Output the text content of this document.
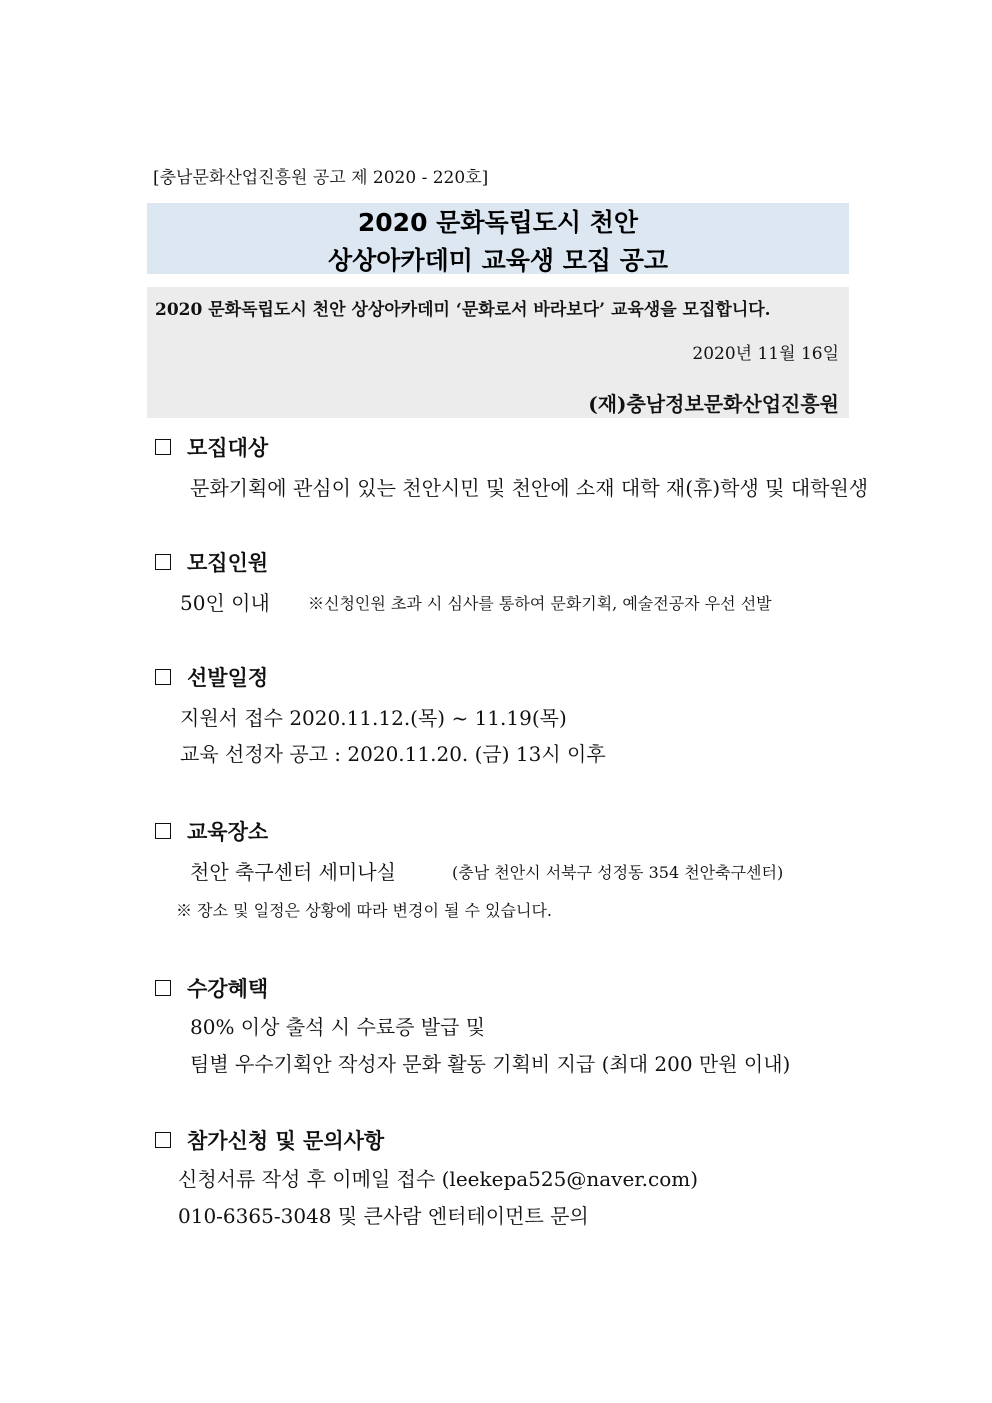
[충남문화산업진흥원 공고 제 2020 - 220호]
2020 문화독립도시 천안
상상아카데미 교육생 모집 공고
2020 문화독립도시 천안 상상아카데미 ‘문화로서 바라보다’ 교육생을 모집합니다.
2020년 11월 16일
(재)충남정보문화산업진흥원
모집대상
문화기획에 관심이 있는 천안시민 및 천안에 소재 대학 재(휴)학생 및 대학원생
모집인원
50인 이내 ※신청인원 초과 시 심사를 통하여 문화기획, 예술전공자 우선 선발
선발일정
지원서 접수 2020.11.12.(목) ~ 11.19(목)
교육 선정자 공고 : 2020.11.20. (금) 13시 이후
교육장소
천안 축구센터 세미나실	(충남 천안시 서북구 성정동 354 천안축구센터)
※ 장소 및 일정은 상황에 따라 변경이 될 수 있습니다.
수강혜택
80% 이상 출석 시 수료증 발급 및
팀별 우수기획안 작성자 문화 활동 기획비 지급 (최대 200 만원 이내)
참가신청 및 문의사항
신청서류 작성 후 이메일 접수 (leekepa525@naver.com)
010-6365-3048 및 큰사람 엔터테이먼트 문의
